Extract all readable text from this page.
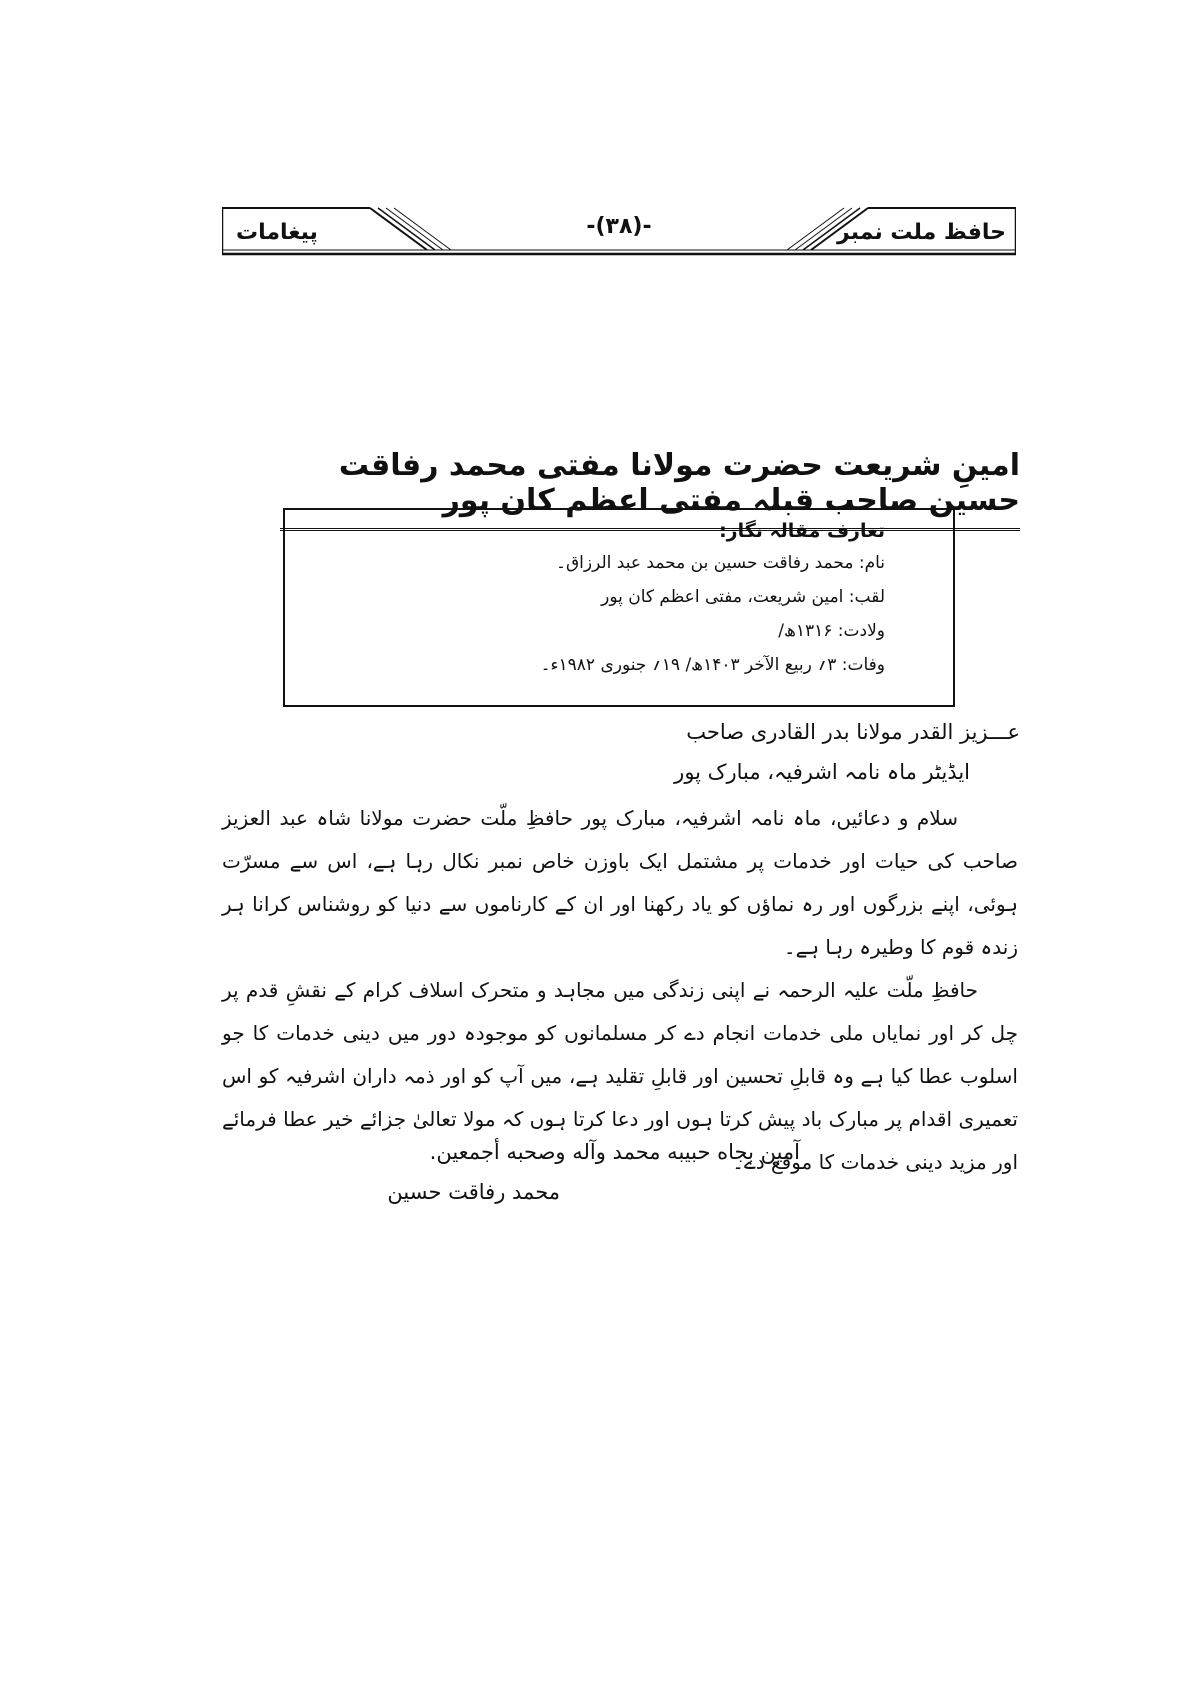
پیغامات	-(۳۸)-	حافظ ملت نمبر
امینِ شریعت حضرت مولانا مفتی محمد رفاقت حسین صاحب قبلہ مفتی اعظم کان پور

تعارف مقالہ نگار:

نام: محمد رفاقت حسین بن محمد عبد الرزاق۔

لقب: امین شریعت، مفتی اعظم کان پور

ولادت: ۱۳۱۶ھ/

وفات: ۳؍ ربیع الآخر ۱۴۰۳ھ/ ۱۹؍ جنوری ۱۹۸۲ء۔

عـــزیز القدر مولانا بدر القادری صاحب
ایڈیٹر ماہ نامہ اشرفیہ، مبارک پور

سلام و دعائیں، ماہ نامہ اشرفیہ، مبارک پور حافظِ ملّت حضرت مولانا شاہ عبد العزیز صاحب کی حیات اور خدمات پر مشتمل ایک باوزن خاص نمبر نکال رہا ہے، اس سے مسرّت ہوئی، اپنے بزرگوں اور رہ نماؤں کو یاد رکھنا اور ان کے کارناموں سے دنیا کو روشناس کرانا ہر زندہ قوم کا وطیرہ رہا ہے۔

حافظِ ملّت علیہ الرحمہ نے اپنی زندگی میں مجاہد و متحرک اسلاف کرام کے نقشِ قدم پر چل کر اور نمایاں ملی خدمات انجام دے کر مسلمانوں کو موجودہ دور میں دینی خدمات کا جو اسلوب عطا کیا ہے وہ قابلِ تحسین اور قابلِ تقلید ہے، میں آپ کو اور ذمہ داران اشرفیہ کو اس تعمیری اقدام پر مبارک باد پیش کرتا ہوں اور دعا کرتا ہوں کہ مولا تعالیٰ جزائے خیر عطا فرمائے اور مزید دینی خدمات کا موقع دے۔

آمین بجاه حبيبه محمد وآله وصحبه أجمعين.
محمد رفاقت حسین
